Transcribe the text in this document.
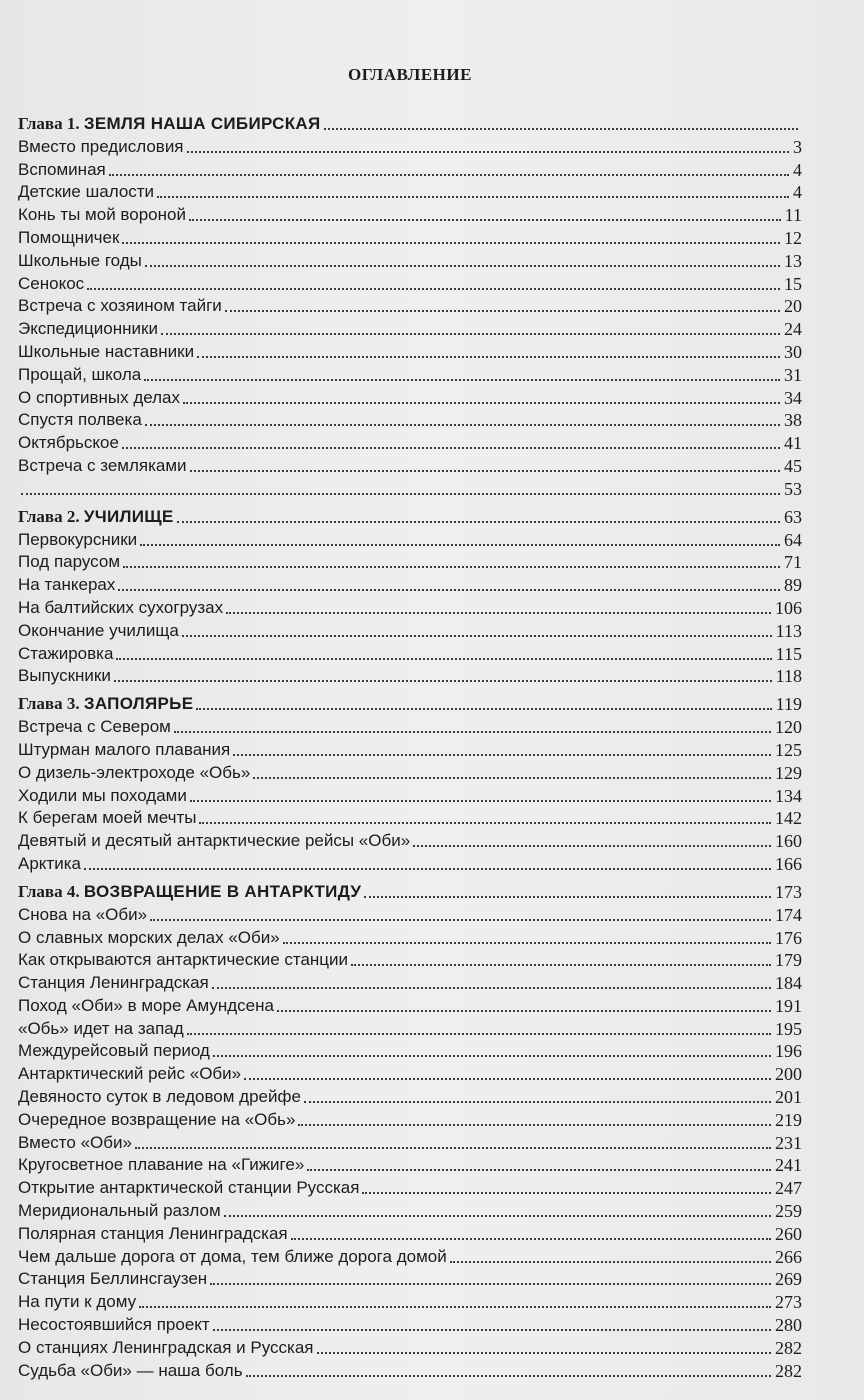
ОГЛАВЛЕНИЕ
Глава 1. ЗЕМЛЯ НАША СИБИРСКАЯ
Вместо предисловия	3
Вспоминая	4
Детские шалости	4
Конь ты мой вороной	11
Помощничек	12
Школьные годы	13
Сенокос	15
Встреча с хозяином тайги	20
Экспедиционники	24
Школьные наставники	30
Прощай, школа	31
О спортивных делах	34
Спустя полвека	38
Октябрьское	41
Встреча с земляками	45
53
Глава 2. УЧИЛИЩЕ	63
Первокурсники	64
Под парусом	71
На танкерах	89
На балтийских сухогрузах	106
Окончание училища	113
Стажировка	115
Выпускники	118
Глава 3. ЗАПОЛЯРЬЕ	119
Встреча с Севером	120
Штурман малого плавания	125
О дизель-электроходе «Обь»	129
Ходили мы походами	134
К берегам моей мечты	142
Девятый и десятый антарктические рейсы «Оби»	160
Арктика	166
Глава 4. ВОЗВРАЩЕНИЕ В АНТАРКТИДУ	173
Снова на «Оби»	174
О славных морских делах «Оби»	176
Как открываются антарктические станции	179
Станция Ленинградская	184
Поход «Оби» в море Амундсена	191
«Обь» идет на запад	195
Междурейсовый период	196
Антарктический рейс «Оби»	200
Девяносто суток в ледовом дрейфе	201
Очередное возвращение на «Обь»	219
Вместо «Оби»	231
Кругосветное плавание на «Гижиге»	241
Открытие антарктической станции Русская	247
Меридиональный разлом	259
Полярная станция Ленинградская	260
Чем дальше дорога от дома, тем ближе дорога домой	266
Станция Беллинсгаузен	269
На пути к дому	273
Несостоявшийся проект	280
О станциях Ленинградская и Русская	282
Судьба «Оби» — наша боль	282
